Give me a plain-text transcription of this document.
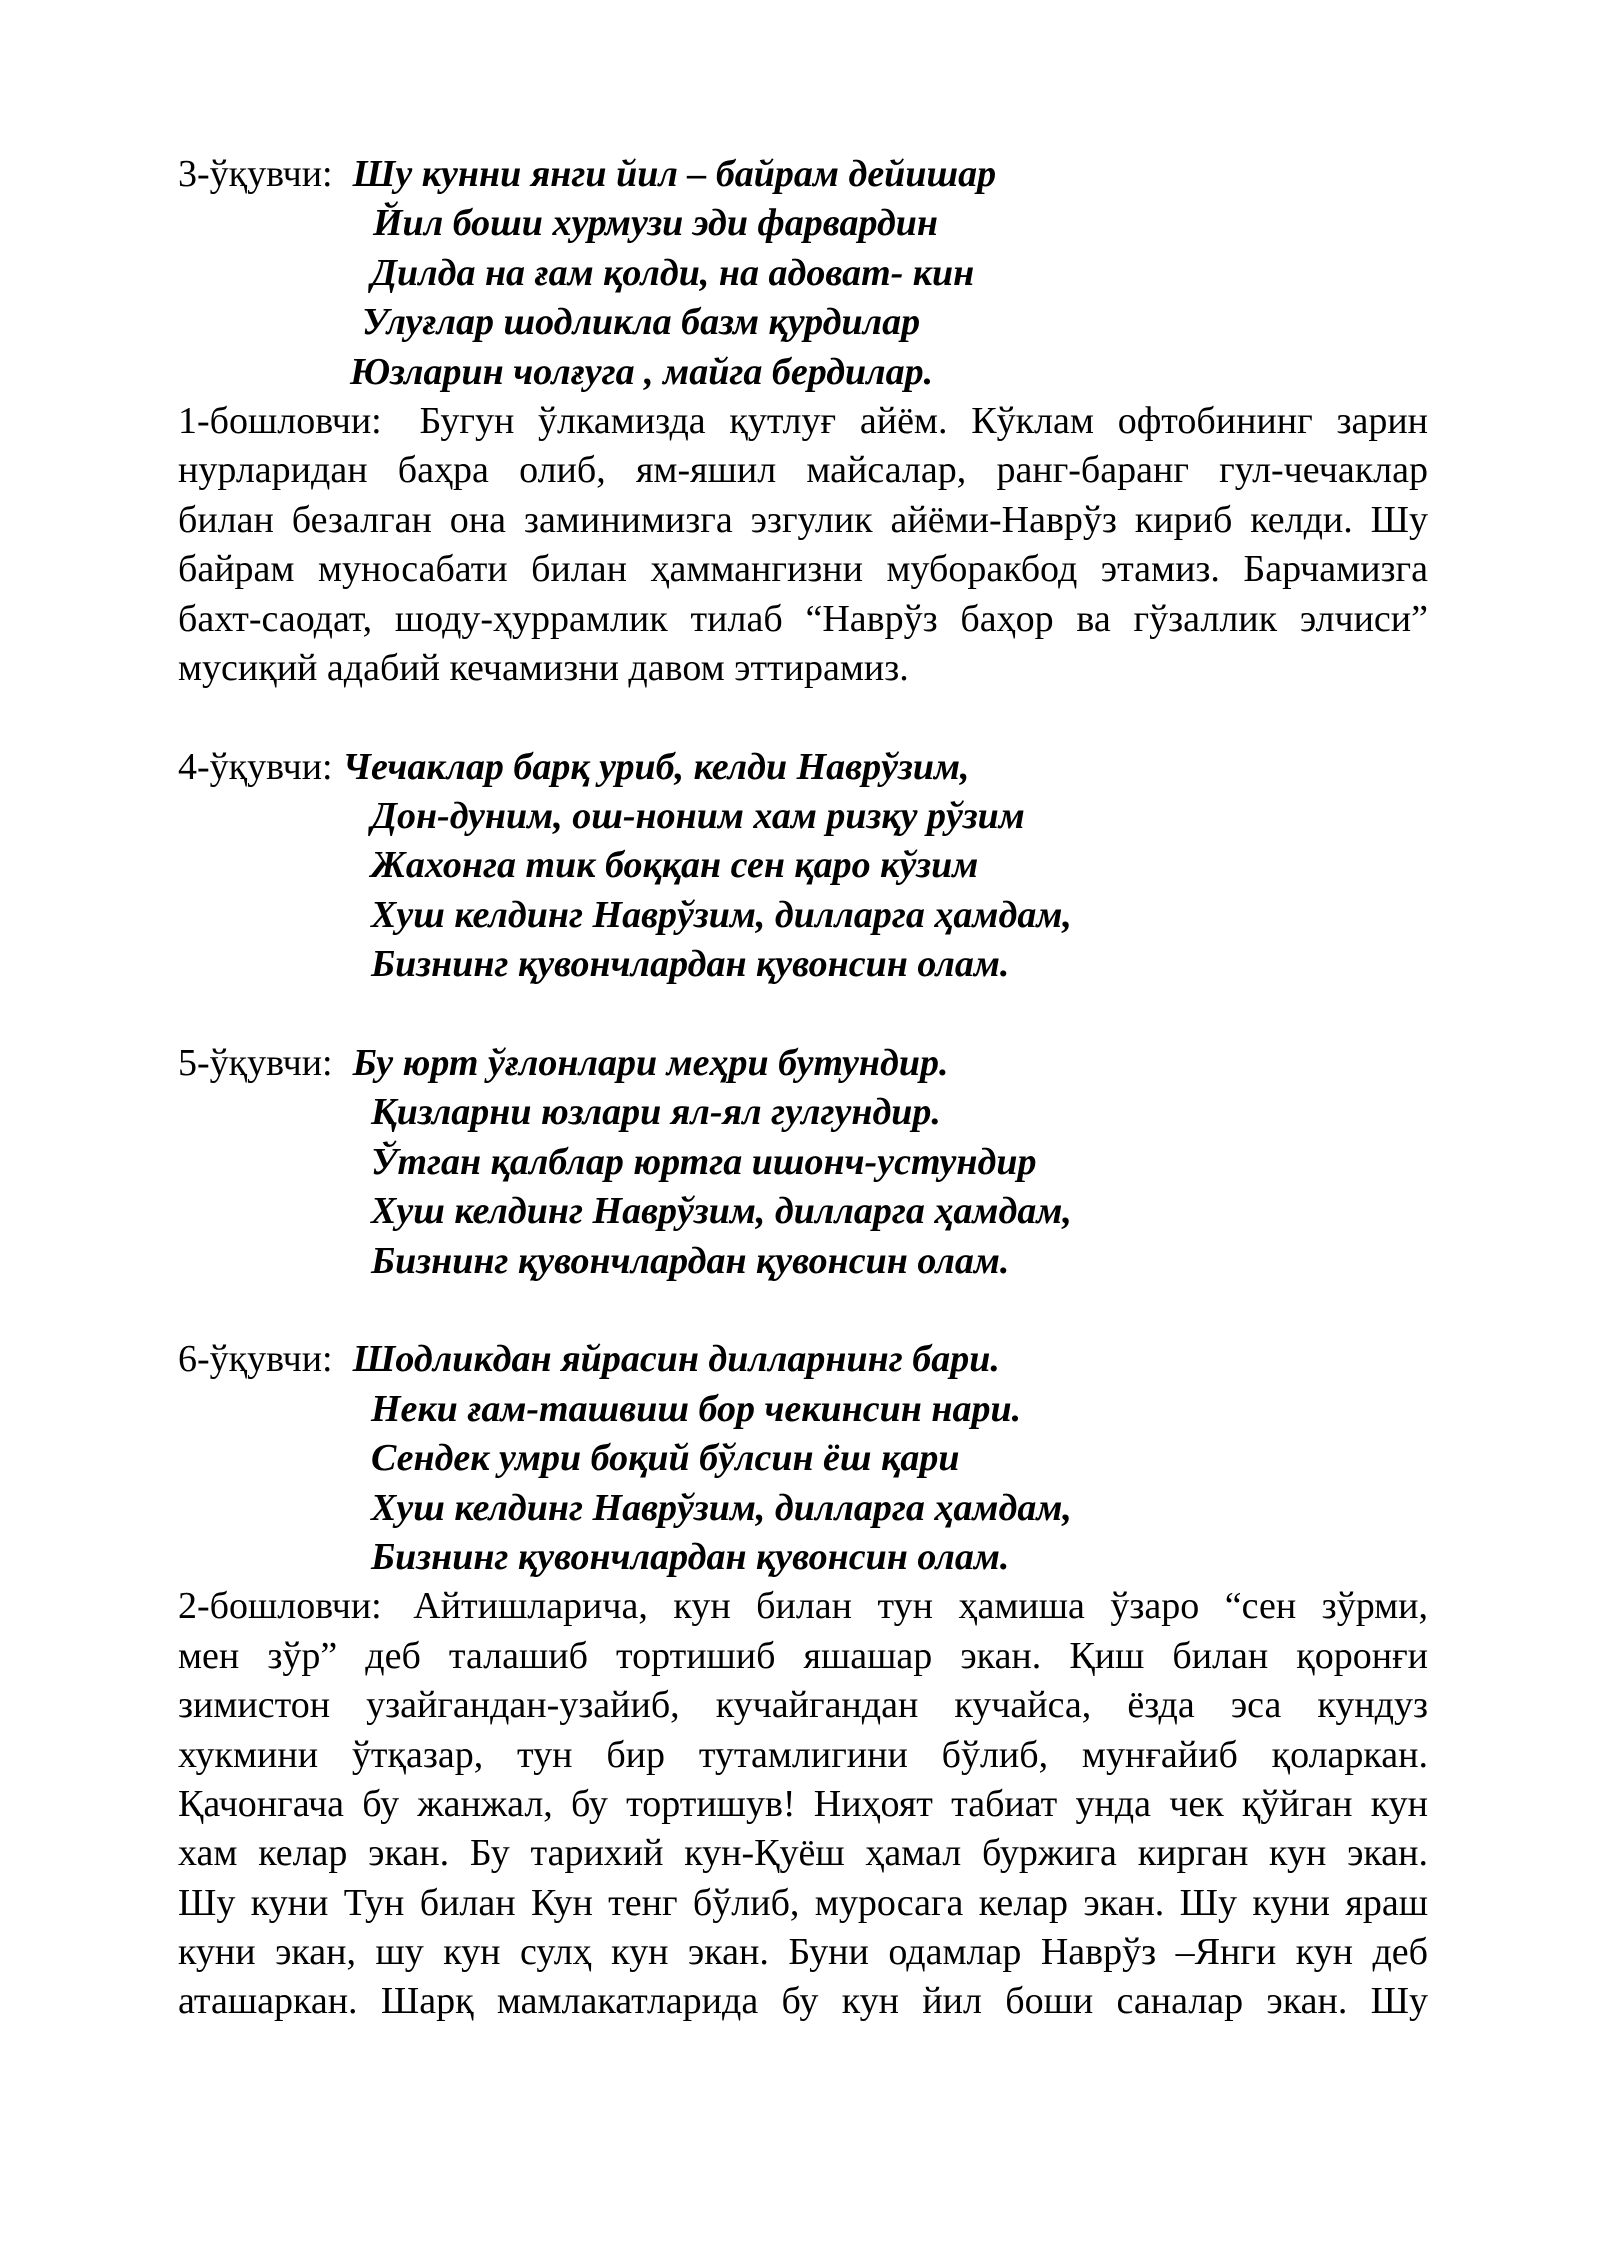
3-ўқувчи: Шу кунни янги йил – байрам дейишар
Йил боши хурмузи эди фарвардин
Дилда на ғам қолди, на адоват- кин
Улуғлар шодликла базм қурдилар
Юзларин чолғуга , майга бердилар.
1-бошловчи: Бугун ўлкамизда қутлуғ айём. Кўклам офтобининг зарин
нурларидан баҳра олиб, ям-яшил майсалар, ранг-баранг гул-чечаклар
билан безалган она заминимизга эзгулик айёми-Наврўз кириб келди. Шу
байрам муносабати билан ҳаммангизни муборакбод этамиз. Барчамизга
бахт-саодат, шоду-ҳуррамлик тилаб “Наврўз баҳор ва гўзаллик элчиси”
мусиқий адабий кечамизни давом эттирамиз.
4-ўқувчи: Чечаклар барқ уриб, келди Наврўзим,
Дон-дуним, ош-ноним хам ризқу рўзим
Жахонга тик боққан сен қаро кўзим
Хуш келдинг Наврўзим, дилларга ҳамдам,
Бизнинг қувончлардан қувонсин олам.
5-ўқувчи: Бу юрт ўғлонлари меҳри бутундир.
Қизларни юзлари ял-ял гулгундир.
Ўтган қалблар юртга ишонч-устундир
Хуш келдинг Наврўзим, дилларга ҳамдам,
Бизнинг қувончлардан қувонсин олам.
6-ўқувчи: Шодликдан яйрасин дилларнинг бари.
Неки ғам-ташвиш бор чекинсин нари.
Сендек умри боқий бўлсин ёш қари
Хуш келдинг Наврўзим, дилларга ҳамдам,
Бизнинг қувончлардан қувонсин олам.
2-бошловчи: Айтишларича, кун билан тун ҳамиша ўзаро “сен зўрми,
мен зўр” деб талашиб тортишиб яшашар экан. Қиш билан қоронғи
зимистон узайгандан-узайиб, кучайгандан кучайса, ёзда эса кундуз
хукмини ўтқазар, тун бир тутамлигини бўлиб, мунғайиб қоларкан.
Қачонгача бу жанжал, бу тортишув! Ниҳоят табиат унда чек қўйган кун
хам келар экан. Бу тарихий кун-Қуёш ҳамал буржига кирган кун экан.
Шу куни Тун билан Кун тенг бўлиб, муросага келар экан. Шу куни яраш
куни экан, шу кун сулҳ кун экан. Буни одамлар Наврўз –Янги кун деб
аташаркан. Шарқ мамлакатларида бу кун йил боши саналар экан. Шу
